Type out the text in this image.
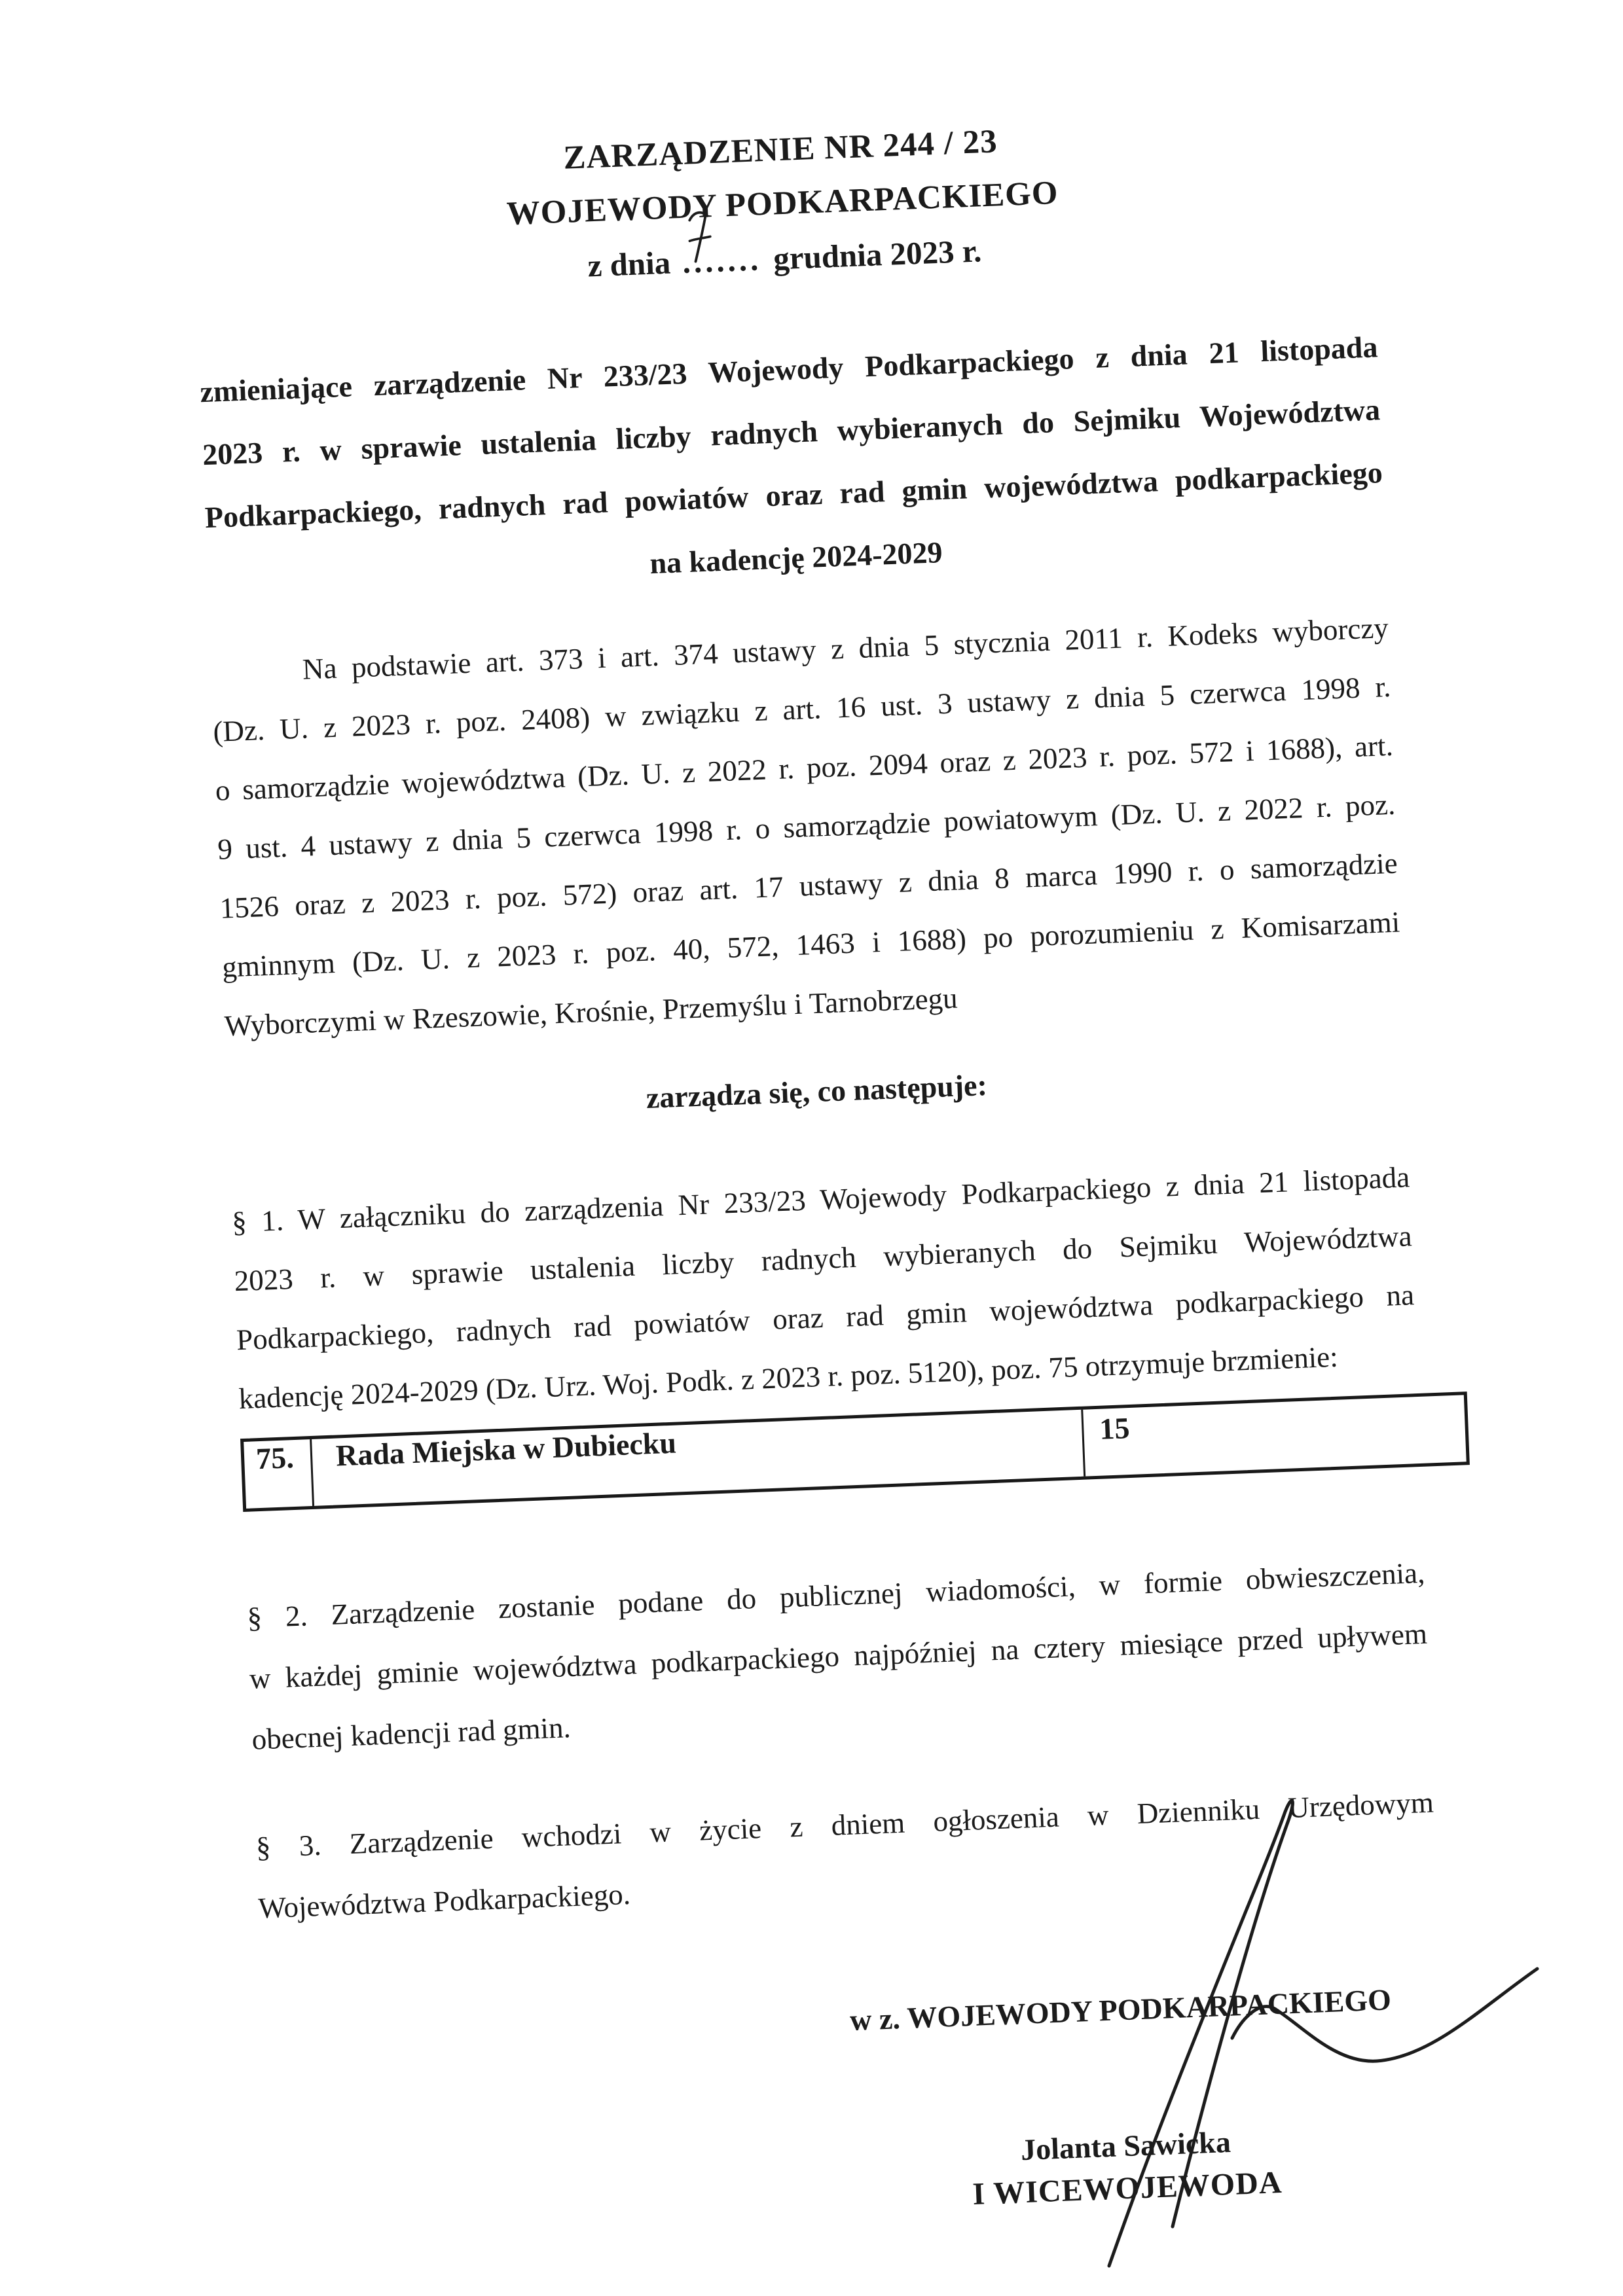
ZARZĄDZENIE NR 244 / 23
WOJEWODY PODKARPACKIEGO
z dnia ....... grudnia 2023 r.
zmieniające zarządzenie Nr 233/23 Wojewody Podkarpackiego z dnia 21 listopada
2023 r. w sprawie ustalenia liczby radnych wybieranych do Sejmiku Województwa
Podkarpackiego, radnych rad powiatów oraz rad gmin województwa podkarpackiego
na kadencję 2024-2029
Na podstawie art. 373 i art. 374 ustawy z dnia 5 stycznia 2011 r. Kodeks wyborczy
(Dz. U. z 2023 r. poz. 2408) w związku z art. 16 ust. 3 ustawy z dnia 5 czerwca 1998 r.
o samorządzie województwa (Dz. U. z 2022 r. poz. 2094 oraz z 2023 r. poz. 572 i 1688), art.
9 ust. 4 ustawy z dnia 5 czerwca 1998 r. o samorządzie powiatowym (Dz. U. z 2022 r. poz.
1526 oraz z 2023 r. poz. 572) oraz art. 17 ustawy z dnia 8 marca 1990 r. o samorządzie
gminnym (Dz. U. z 2023 r. poz. 40, 572, 1463 i 1688) po porozumieniu z Komisarzami
Wyborczymi w Rzeszowie, Krośnie, Przemyślu i Tarnobrzegu
zarządza się, co następuje:
§ 1. W załączniku do zarządzenia Nr 233/23 Wojewody Podkarpackiego z dnia 21 listopada
2023 r. w sprawie ustalenia liczby radnych wybieranych do Sejmiku Województwa
Podkarpackiego, radnych rad powiatów oraz rad gmin województwa podkarpackiego na
kadencję 2024-2029 (Dz. Urz. Woj. Podk. z 2023 r. poz. 5120), poz. 75 otrzymuje brzmienie:
75.	Rada Miejska w Dubiecku	15
§ 2. Zarządzenie zostanie podane do publicznej wiadomości, w formie obwieszczenia,
w każdej gminie województwa podkarpackiego najpóźniej na cztery miesiące przed upływem
obecnej kadencji rad gmin.
§ 3. Zarządzenie wchodzi w życie z dniem ogłoszenia w Dzienniku Urzędowym
Województwa Podkarpackiego.
w z. WOJEWODY PODKARPACKIEGO
Jolanta Sawicka
I WICEWOJEWODA
